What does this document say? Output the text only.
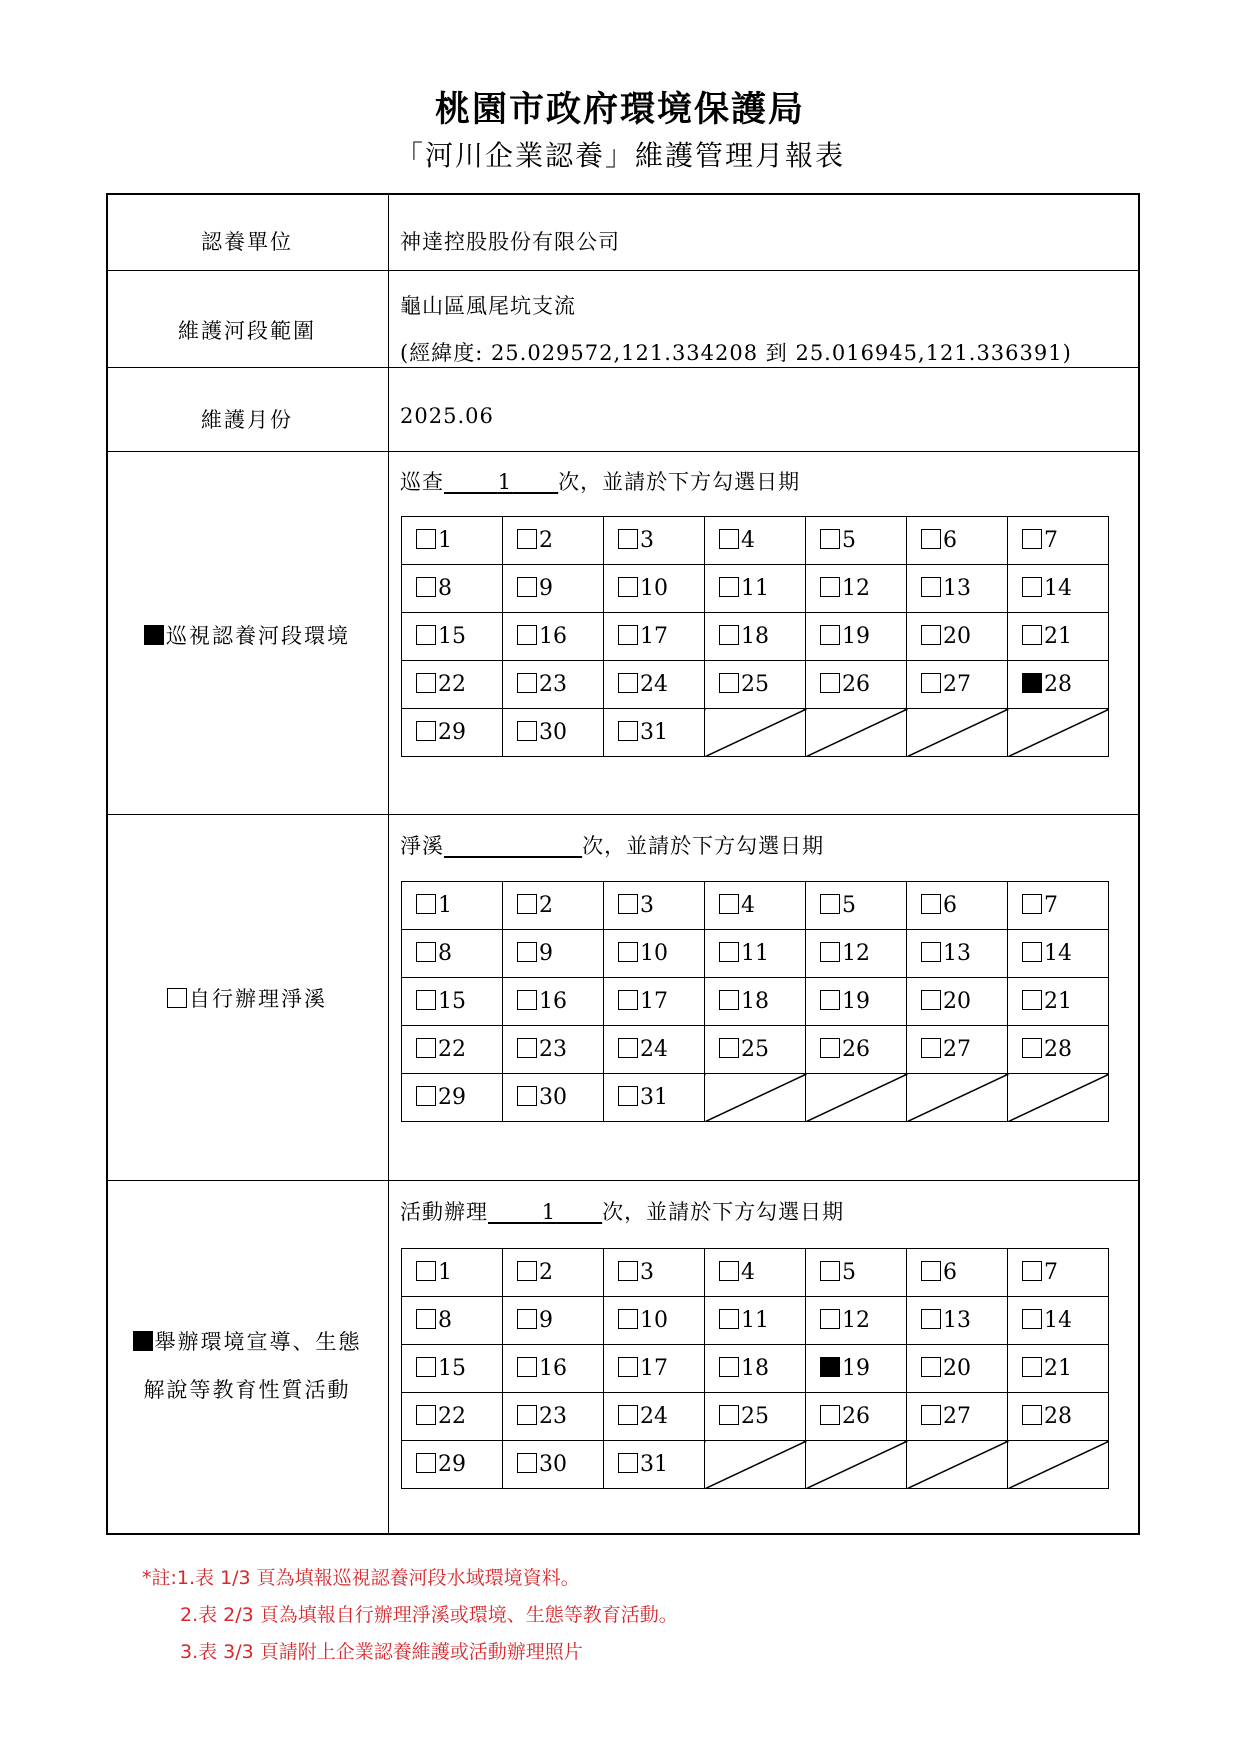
桃園市政府環境保護局
「河川企業認養」維護管理月報表
認養單位	神達控股股份有限公司
維護河段範圍
龜山區風尾坑支流
(經緯度: 25.029572,121.334208 到 25.016945,121.336391)
維護月份	2025.06
巡視認養河段環境
巡查	1 次，並請於下方勾選日期
1	2	3	4	5	6	7
8	9	10	11	12	13	14
15	16	17	18	19	20	21
22	23	24	25	26	27	28
29	30	31				
自行辦理淨溪
淨溪	次，並請於下方勾選日期
1	2	3	4	5	6	7
8	9	10	11	12	13	14
15	16	17	18	19	20	21
22	23	24	25	26	27	28
29	30	31				
舉辦環境宣導、生態
解說等教育性質活動
活動辦理	1 次，並請於下方勾選日期
1	2	3	4	5	6	7
8	9	10	11	12	13	14
15	16	17	18	19	20	21
22	23	24	25	26	27	28
29	30	31				
*註:1.表 1/3 頁為填報巡視認養河段水域環境資料。
2.表 2/3 頁為填報自行辦理淨溪或環境、生態等教育活動。
3.表 3/3 頁請附上企業認養維護或活動辦理照片
